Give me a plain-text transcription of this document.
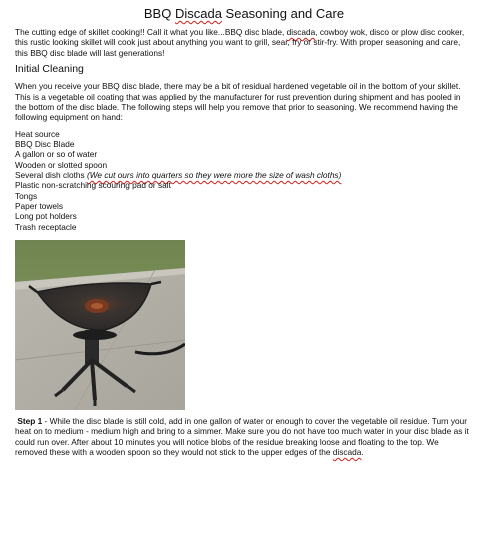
BBQ Discada Seasoning and Care

The cutting edge of skillet cooking!! Call it what you like...BBQ disc blade, discada, cowboy wok, disco or plow disc cooker, this rustic looking skillet will cook just about anything you want to grill, sear, fry or stir-fry. With proper seasoning and care, this BBQ disc blade will last generations!

Initial Cleaning

When you receive your BBQ disc blade, there may be a bit of residual hardened vegetable oil in the bottom of your skillet. This is a vegetable oil coating that was applied by the manufacturer for rust prevention during shipment and has pooled in the bottom of the disc blade. The following steps will help you remove that prior to seasoning. We recommend having the following equipment on hand:

Heat source
BBQ Disc Blade
A gallon or so of water
Wooden or slotted spoon
Several dish cloths (We cut ours into quarters so they were more the size of wash cloths)
Plastic non-scratching scouring pad or salt
Tongs
Paper towels
Long pot holders
Trash receptacle

Step 1 - While the disc blade is still cold, add in one gallon of water or enough to cover the vegetable oil residue. Turn your heat on to medium - medium high and bring to a simmer. Make sure you do not have too much water in your disc blade as it could run over. After about 10 minutes you will notice blobs of the residue breaking loose and floating to the top. We removed these with a wooden spoon so they would not stick to the upper edges of the discada.
